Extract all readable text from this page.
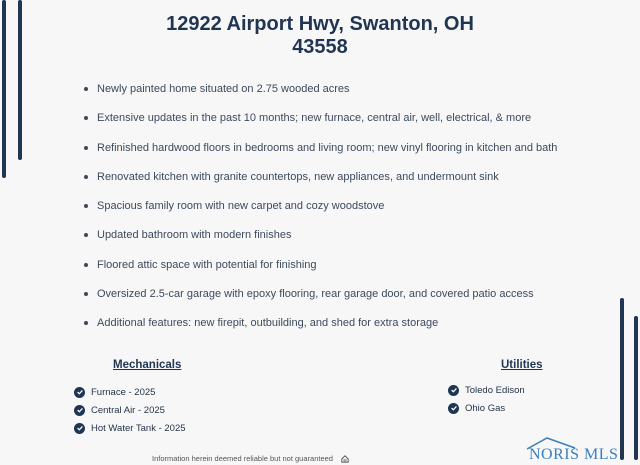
12922 Airport Hwy, Swanton, OH
43558
Newly painted home situated on 2.75 wooded acres
Extensive updates in the past 10 months; new furnace, central air, well, electrical, & more
Refinished hardwood floors in bedrooms and living room; new vinyl flooring in kitchen and bath
Renovated kitchen with granite countertops, new appliances, and undermount sink
Spacious family room with new carpet and cozy woodstove
Updated bathroom with modern finishes
Floored attic space with potential for finishing
Oversized 2.5-car garage with epoxy flooring, rear garage door, and covered patio access
Additional features: new firepit, outbuilding, and shed for extra storage
Mechanicals
Furnace - 2025
Central Air - 2025
Hot Water Tank - 2025
Utilities
Toledo Edison
Ohio Gas
Information herein deemed reliable but not guaranteed	NORIS MLS
